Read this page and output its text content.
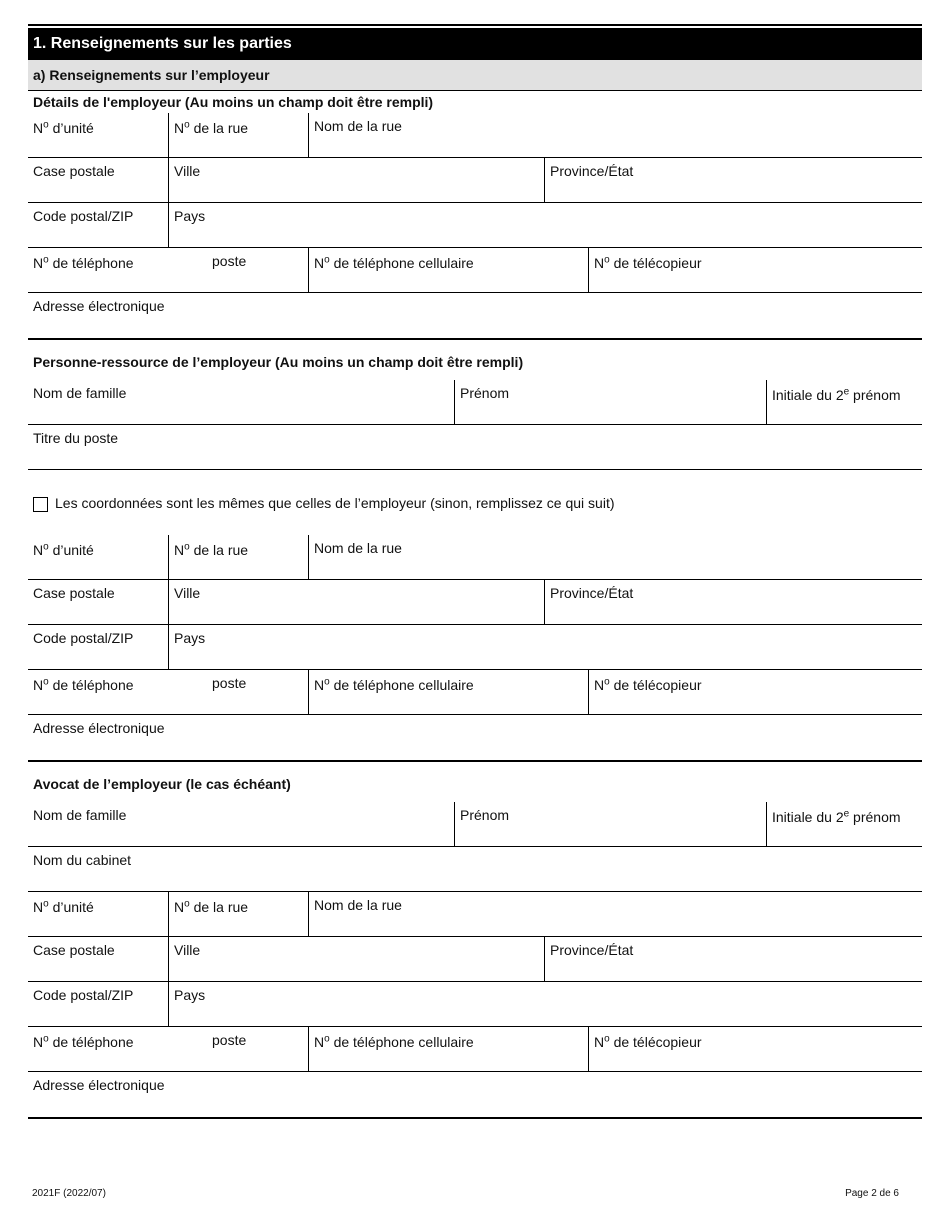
1. Renseignements sur les parties
a) Renseignements sur l’employeur
Détails de l'employeur (Au moins un champ doit être rempli)
$N^o$ d’unité	$N^o$ de la rue	Nom de la rue
Case postale	Ville	Province/État
Code postal/ZIP	Pays
$N^o$ de téléphone	poste	$N^o$ de téléphone cellulaire	$N^o$ de télécopieur
Adresse électronique
Personne-ressource de l’employeur (Au moins un champ doit être rempli)
Nom de famille	Prénom	Initiale du 2e prénom
Titre du poste
Les coordonnées sont les mêmes que celles de l’employeur (sinon, remplissez ce qui suit)
$N^o$ d’unité	$N^o$ de la rue	Nom de la rue
Case postale	Ville	Province/État
Code postal/ZIP	Pays
$N^o$ de téléphone	poste	$N^o$ de téléphone cellulaire	$N^o$ de télécopieur
Adresse électronique
Avocat de l’employeur (le cas échéant)
Nom de famille	Prénom	Initiale du 2e prénom
Nom du cabinet
$N^o$ d’unité	$N^o$ de la rue	Nom de la rue
Case postale	Ville	Province/État
Code postal/ZIP	Pays
$N^o$ de téléphone	poste	$N^o$ de téléphone cellulaire	$N^o$ de télécopieur
Adresse électronique
2021F (2022/07)	Page 2 de 6
